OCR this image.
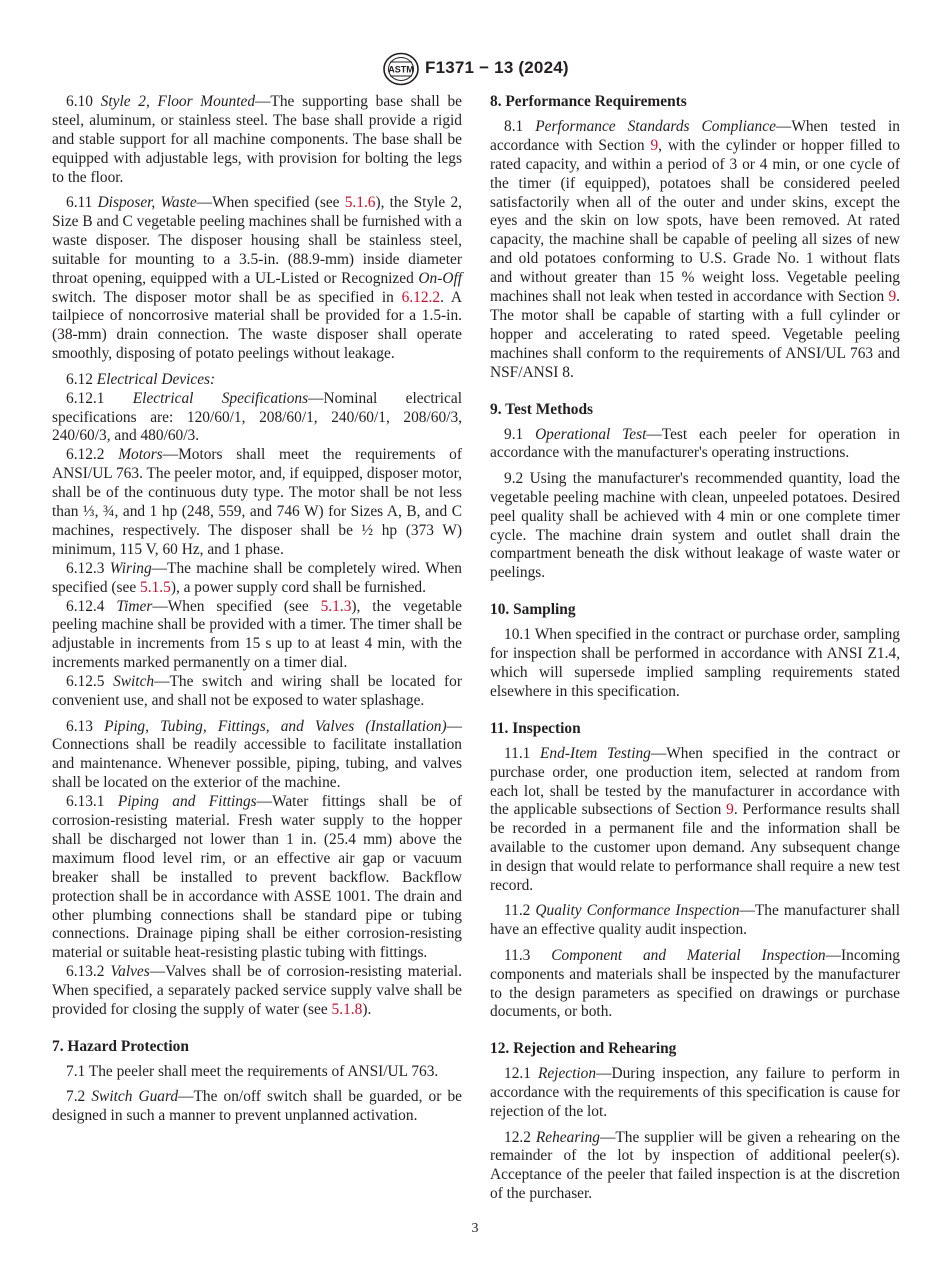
ASTM F1371 − 13 (2024)

6.10 Style 2, Floor Mounted—The supporting base shall be steel, aluminum, or stainless steel. The base shall provide a rigid and stable support for all machine components. The base shall be equipped with adjustable legs, with provision for bolting the legs to the floor.

6.11 Disposer, Waste—When specified (see 5.1.6), the Style 2, Size B and C vegetable peeling machines shall be furnished with a waste disposer. The disposer housing shall be stainless steel, suitable for mounting to a 3.5-in. (88.9-mm) inside diameter throat opening, equipped with a UL-Listed or Recognized On-Off switch. The disposer motor shall be as specified in 6.12.2. A tailpiece of noncorrosive material shall be provided for a 1.5-in. (38-mm) drain connection. The waste disposer shall operate smoothly, disposing of potato peelings without leakage.

6.12 Electrical Devices:

6.12.1 Electrical Specifications—Nominal electrical specifications are: 120/60/1, 208/60/1, 240/60/1, 208/60/3, 240/60/3, and 480/60/3.

6.12.2 Motors—Motors shall meet the requirements of ANSI/UL 763. The peeler motor, and, if equipped, disposer motor, shall be of the continuous duty type. The motor shall be not less than ⅓, ¾, and 1 hp (248, 559, and 746 W) for Sizes A, B, and C machines, respectively. The disposer shall be ½ hp (373 W) minimum, 115 V, 60 Hz, and 1 phase.

6.12.3 Wiring—The machine shall be completely wired. When specified (see 5.1.5), a power supply cord shall be furnished.

6.12.4 Timer—When specified (see 5.1.3), the vegetable peeling machine shall be provided with a timer. The timer shall be adjustable in increments from 15 s up to at least 4 min, with the increments marked permanently on a timer dial.

6.12.5 Switch—The switch and wiring shall be located for convenient use, and shall not be exposed to water splashage.

6.13 Piping, Tubing, Fittings, and Valves (Installation)—Connections shall be readily accessible to facilitate installation and maintenance. Whenever possible, piping, tubing, and valves shall be located on the exterior of the machine.

6.13.1 Piping and Fittings—Water fittings shall be of corrosion-resisting material. Fresh water supply to the hopper shall be discharged not lower than 1 in. (25.4 mm) above the maximum flood level rim, or an effective air gap or vacuum breaker shall be installed to prevent backflow. Backflow protection shall be in accordance with ASSE 1001. The drain and other plumbing connections shall be standard pipe or tubing connections. Drainage piping shall be either corrosion-resisting material or suitable heat-resisting plastic tubing with fittings.

6.13.2 Valves—Valves shall be of corrosion-resisting material. When specified, a separately packed service supply valve shall be provided for closing the supply of water (see 5.1.8).

7. Hazard Protection

7.1 The peeler shall meet the requirements of ANSI/UL 763.

7.2 Switch Guard—The on/off switch shall be guarded, or be designed in such a manner to prevent unplanned activation.

8. Performance Requirements

8.1 Performance Standards Compliance—When tested in accordance with Section 9, with the cylinder or hopper filled to rated capacity, and within a period of 3 or 4 min, or one cycle of the timer (if equipped), potatoes shall be considered peeled satisfactorily when all of the outer and under skins, except the eyes and the skin on low spots, have been removed. At rated capacity, the machine shall be capable of peeling all sizes of new and old potatoes conforming to U.S. Grade No. 1 without flats and without greater than 15 % weight loss. Vegetable peeling machines shall not leak when tested in accordance with Section 9. The motor shall be capable of starting with a full cylinder or hopper and accelerating to rated speed. Vegetable peeling machines shall conform to the requirements of ANSI/UL 763 and NSF/ANSI 8.

9. Test Methods

9.1 Operational Test—Test each peeler for operation in accordance with the manufacturer's operating instructions.

9.2 Using the manufacturer's recommended quantity, load the vegetable peeling machine with clean, unpeeled potatoes. Desired peel quality shall be achieved with 4 min or one complete timer cycle. The machine drain system and outlet shall drain the compartment beneath the disk without leakage of waste water or peelings.

10. Sampling

10.1 When specified in the contract or purchase order, sampling for inspection shall be performed in accordance with ANSI Z1.4, which will supersede implied sampling requirements stated elsewhere in this specification.

11. Inspection

11.1 End-Item Testing—When specified in the contract or purchase order, one production item, selected at random from each lot, shall be tested by the manufacturer in accordance with the applicable subsections of Section 9. Performance results shall be recorded in a permanent file and the information shall be available to the customer upon demand. Any subsequent change in design that would relate to performance shall require a new test record.

11.2 Quality Conformance Inspection—The manufacturer shall have an effective quality audit inspection.

11.3 Component and Material Inspection—Incoming components and materials shall be inspected by the manufacturer to the design parameters as specified on drawings or purchase documents, or both.

12. Rejection and Rehearing

12.1 Rejection—During inspection, any failure to perform in accordance with the requirements of this specification is cause for rejection of the lot.

12.2 Rehearing—The supplier will be given a rehearing on the remainder of the lot by inspection of additional peeler(s). Acceptance of the peeler that failed inspection is at the discretion of the purchaser.

3
